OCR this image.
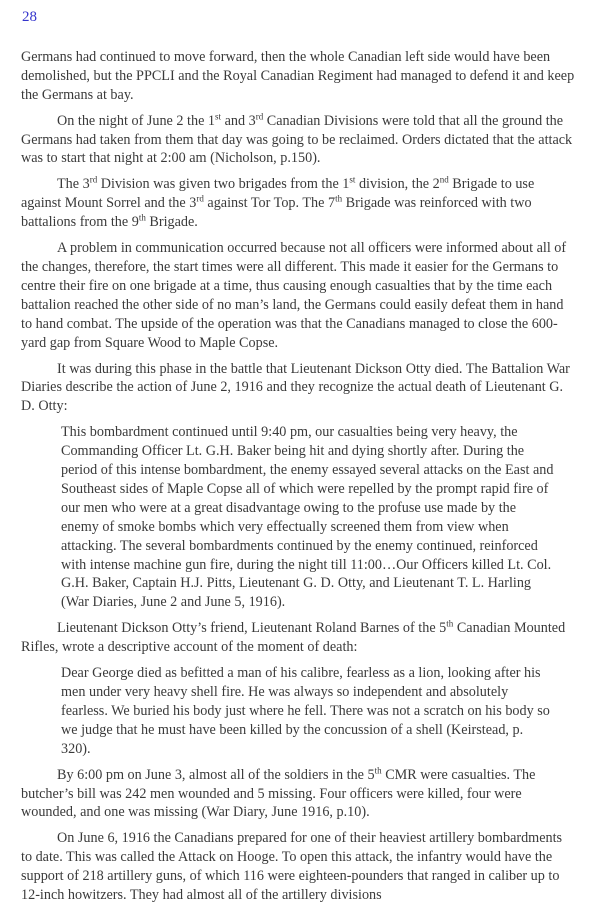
28

Germans had continued to move forward, then the whole Canadian left side would have been demolished, but the PPCLI and the Royal Canadian Regiment had managed to defend it and keep the Germans at bay.

On the night of June 2 the 1st and 3rd Canadian Divisions were told that all the ground the Germans had taken from them that day was going to be reclaimed. Orders dictated that the attack was to start that night at 2:00 am (Nicholson, p.150).

The 3rd Division was given two brigades from the 1st division, the 2nd Brigade to use against Mount Sorrel and the 3rd against Tor Top. The 7th Brigade was reinforced with two battalions from the 9th Brigade.

A problem in communication occurred because not all officers were informed about all of the changes, therefore, the start times were all different. This made it easier for the Germans to centre their fire on one brigade at a time, thus causing enough casualties that by the time each battalion reached the other side of no man’s land, the Germans could easily defeat them in hand to hand combat. The upside of the operation was that the Canadians managed to close the 600-yard gap from Square Wood to Maple Copse.

It was during this phase in the battle that Lieutenant Dickson Otty died. The Battalion War Diaries describe the action of June 2, 1916 and they recognize the actual death of Lieutenant G. D. Otty:

This bombardment continued until 9:40 pm, our casualties being very heavy, the Commanding Officer Lt. G.H. Baker being hit and dying shortly after. During the period of this intense bombardment, the enemy essayed several attacks on the East and Southeast sides of Maple Copse all of which were repelled by the prompt rapid fire of our men who were at a great disadvantage owing to the profuse use made by the enemy of smoke bombs which very effectually screened them from view when attacking. The several bombardments continued by the enemy continued, reinforced with intense machine gun fire, during the night till 11:00…Our Officers killed Lt. Col. G.H. Baker, Captain H.J. Pitts, Lieutenant G. D. Otty, and Lieutenant T. L. Harling (War Diaries, June 2 and June 5, 1916).

Lieutenant Dickson Otty’s friend, Lieutenant Roland Barnes of the 5th Canadian Mounted Rifles, wrote a descriptive account of the moment of death:

Dear George died as befitted a man of his calibre, fearless as a lion, looking after his men under very heavy shell fire. He was always so independent and absolutely fearless. We buried his body just where he fell. There was not a scratch on his body so we judge that he must have been killed by the concussion of a shell (Keirstead, p. 320).

By 6:00 pm on June 3, almost all of the soldiers in the 5th CMR were casualties. The butcher’s bill was 242 men wounded and 5 missing. Four officers were killed, four were wounded, and one was missing (War Diary, June 1916, p.10).

On June 6, 1916 the Canadians prepared for one of their heaviest artillery bombardments to date. This was called the Attack on Hooge. To open this attack, the infantry would have the support of 218 artillery guns, of which 116 were eighteen-pounders that ranged in caliber up to 12-inch howitzers. They had almost all of the artillery divisions
